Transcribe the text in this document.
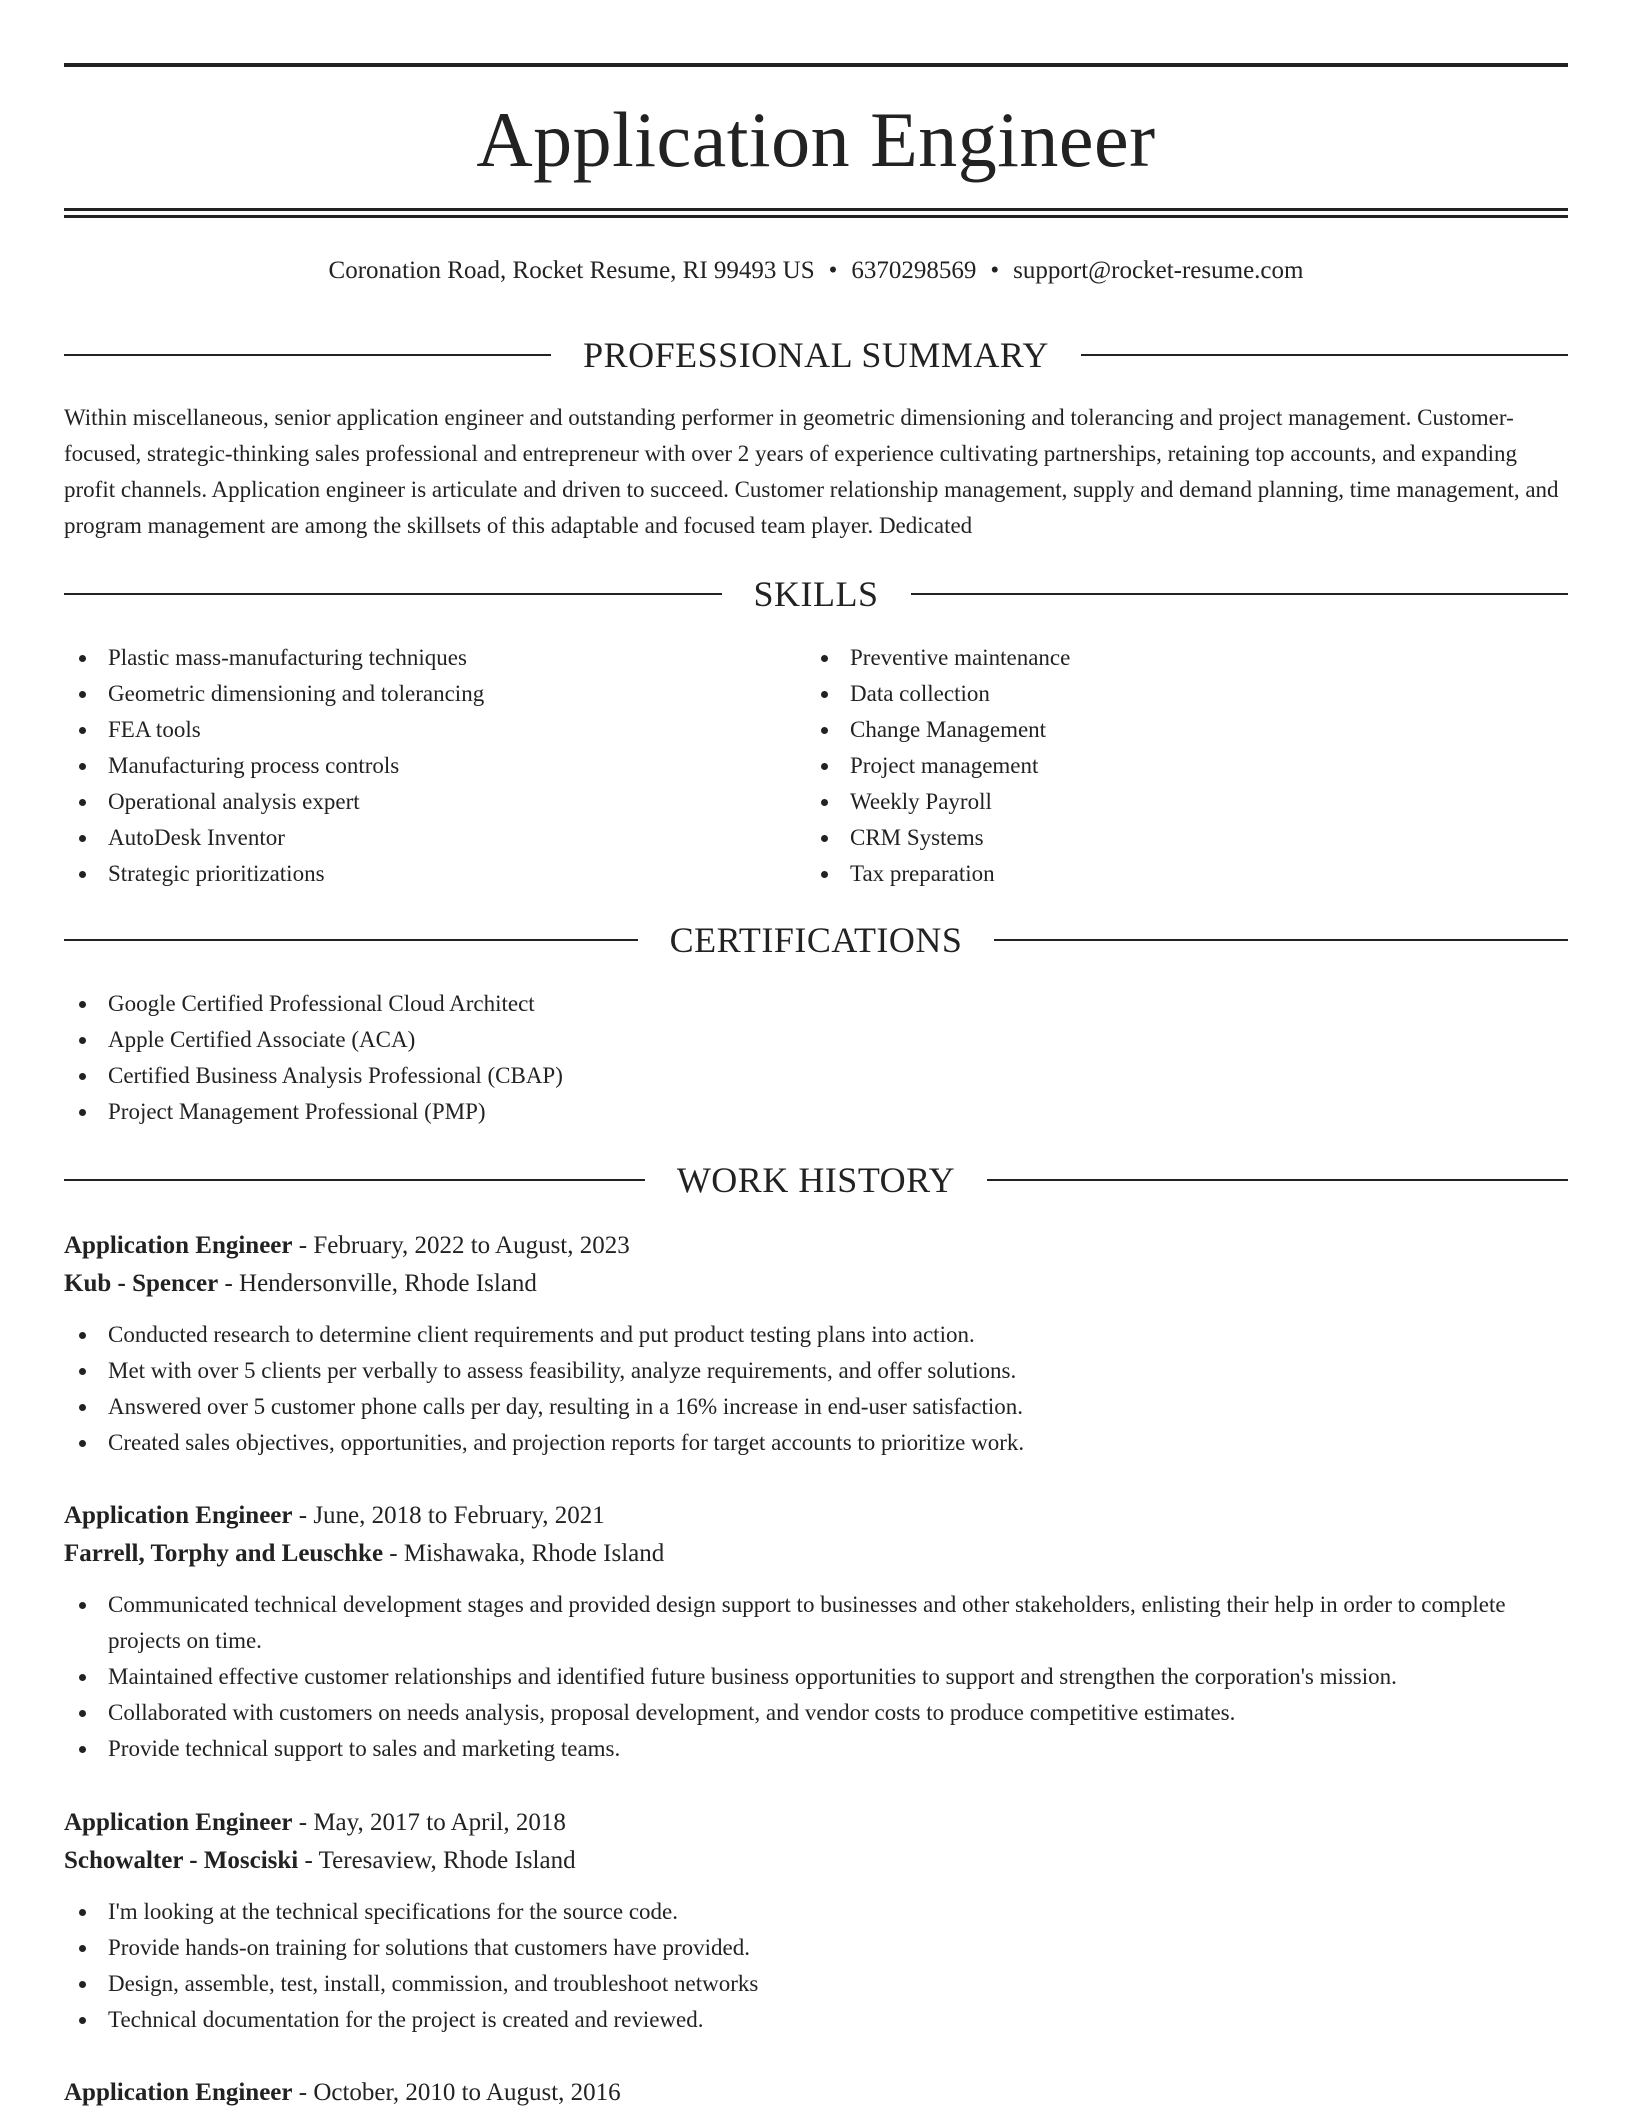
Application Engineer
Coronation Road, Rocket Resume, RI 99493 US • 6370298569 • support@rocket-resume.com
PROFESSIONAL SUMMARY
Within miscellaneous, senior application engineer and outstanding performer in geometric dimensioning and tolerancing and project management. Customer-focused, strategic-thinking sales professional and entrepreneur with over 2 years of experience cultivating partnerships, retaining top accounts, and expanding profit channels. Application engineer is articulate and driven to succeed. Customer relationship management, supply and demand planning, time management, and program management are among the skillsets of this adaptable and focused team player. Dedicated
SKILLS
Plastic mass-manufacturing techniques
Geometric dimensioning and tolerancing
FEA tools
Manufacturing process controls
Operational analysis expert
AutoDesk Inventor
Strategic prioritizations
Preventive maintenance
Data collection
Change Management
Project management
Weekly Payroll
CRM Systems
Tax preparation
CERTIFICATIONS
Google Certified Professional Cloud Architect
Apple Certified Associate (ACA)
Certified Business Analysis Professional (CBAP)
Project Management Professional (PMP)
WORK HISTORY
Application Engineer - February, 2022 to August, 2023
Kub - Spencer - Hendersonville, Rhode Island
Conducted research to determine client requirements and put product testing plans into action.
Met with over 5 clients per verbally to assess feasibility, analyze requirements, and offer solutions.
Answered over 5 customer phone calls per day, resulting in a 16% increase in end-user satisfaction.
Created sales objectives, opportunities, and projection reports for target accounts to prioritize work.
Application Engineer - June, 2018 to February, 2021
Farrell, Torphy and Leuschke - Mishawaka, Rhode Island
Communicated technical development stages and provided design support to businesses and other stakeholders, enlisting their help in order to complete projects on time.
Maintained effective customer relationships and identified future business opportunities to support and strengthen the corporation's mission.
Collaborated with customers on needs analysis, proposal development, and vendor costs to produce competitive estimates.
Provide technical support to sales and marketing teams.
Application Engineer - May, 2017 to April, 2018
Schowalter - Mosciski - Teresaview, Rhode Island
I'm looking at the technical specifications for the source code.
Provide hands-on training for solutions that customers have provided.
Design, assemble, test, install, commission, and troubleshoot networks
Technical documentation for the project is created and reviewed.
Application Engineer - October, 2010 to August, 2016
